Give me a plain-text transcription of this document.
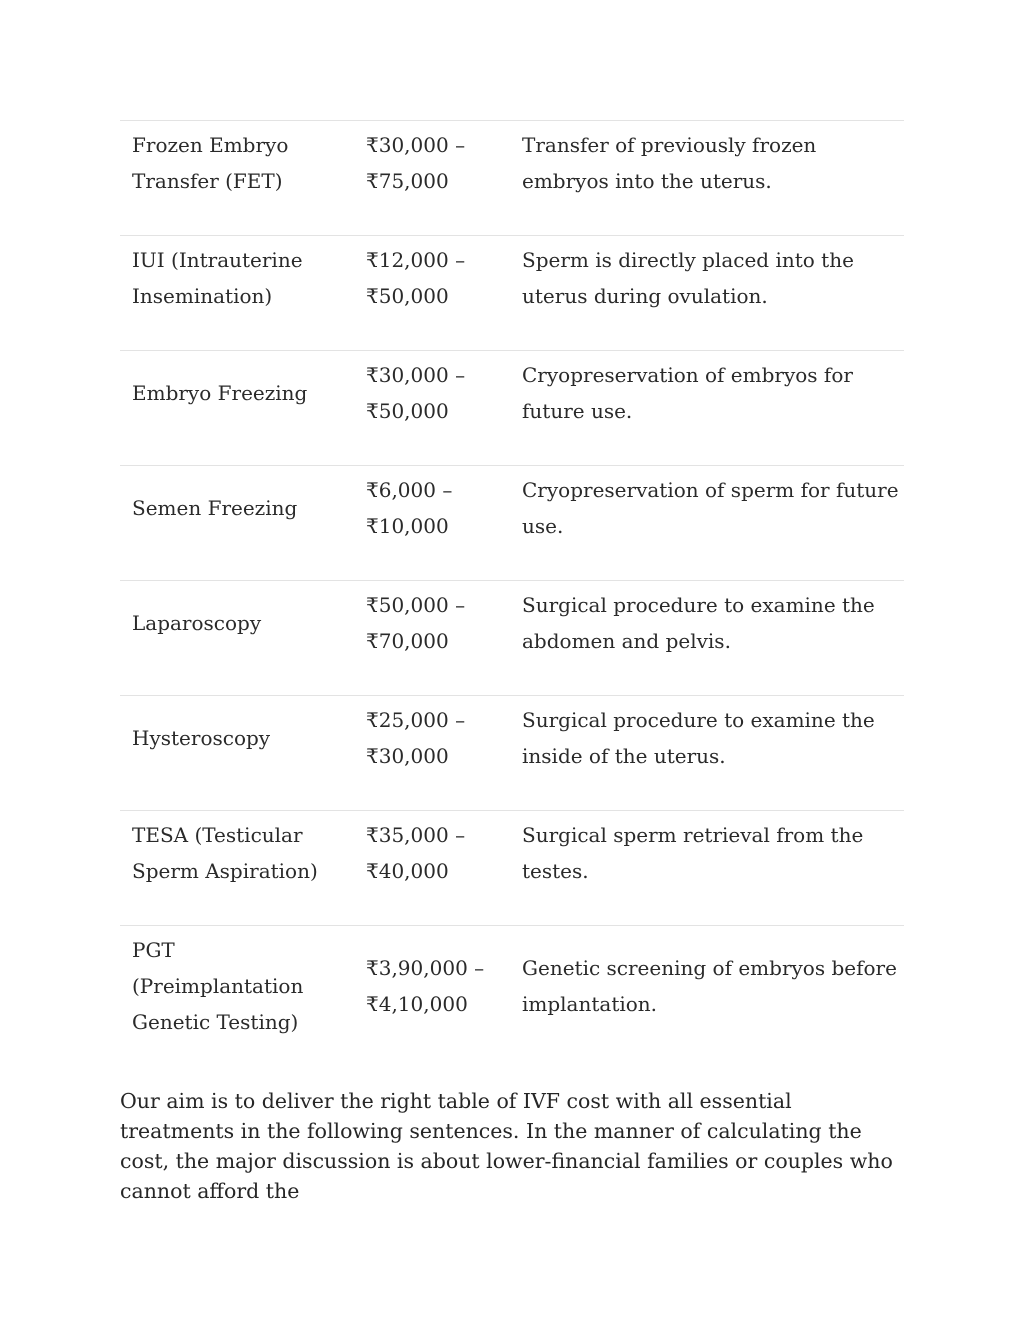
Frozen Embryo Transfer (FET)
₹30,000 – ₹75,000
Transfer of previously frozen embryos into the uterus.
IUI (Intrauterine Insemination)
₹12,000 – ₹50,000
Sperm is directly placed into the uterus during ovulation.
Embryo Freezing
₹30,000 – ₹50,000
Cryopreservation of embryos for future use.
Semen Freezing
₹6,000 – ₹10,000
Cryopreservation of sperm for future use.
Laparoscopy
₹50,000 – ₹70,000
Surgical procedure to examine the abdomen and pelvis.
Hysteroscopy
₹25,000 – ₹30,000
Surgical procedure to examine the inside of the uterus.
TESA (Testicular Sperm Aspiration)
₹35,000 – ₹40,000
Surgical sperm retrieval from the testes.
PGT (Preimplantation Genetic Testing)
₹3,90,000 – ₹4,10,000
Genetic screening of embryos before implantation.

Our aim is to deliver the right table of IVF cost with all essential treatments in the following sentences. In the manner of calculating the cost, the major discussion is about lower-financial families or couples who cannot afford the
